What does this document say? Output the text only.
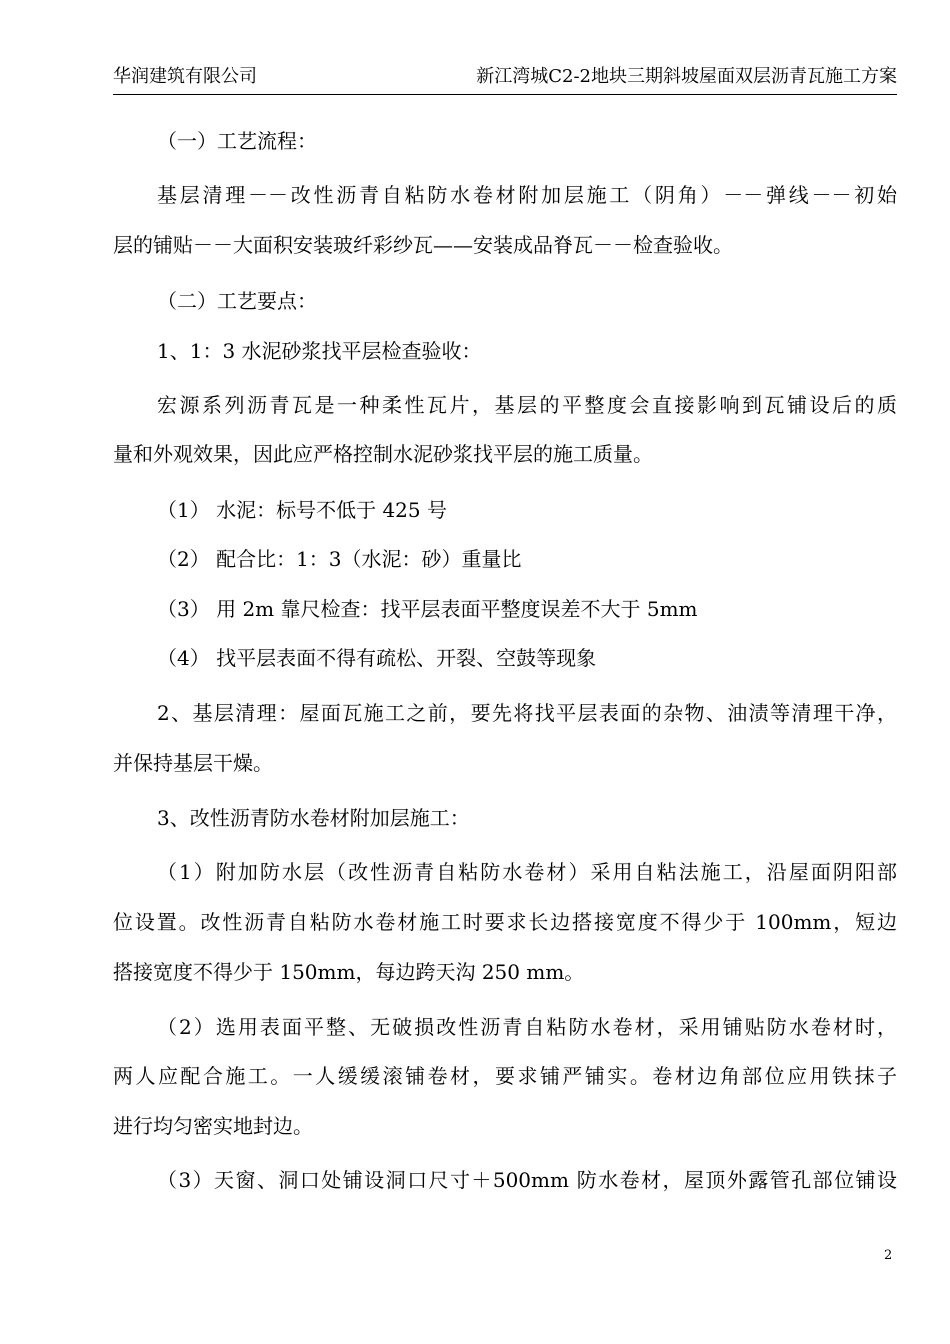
华润建筑有限公司	新江湾城C2-2地块三期斜坡屋面双层沥青瓦施工方案
（一）工艺流程：
基层清理－－改性沥青自粘防水卷材附加层施工（阴角）－－弹线－－初始
层的铺贴－－大面积安装玻纤彩纱瓦——安装成品脊瓦－－检查验收。
（二）工艺要点：
1、1：3 水泥砂浆找平层检查验收：
宏源系列沥青瓦是一种柔性瓦片，基层的平整度会直接影响到瓦铺设后的质
量和外观效果，因此应严格控制水泥砂浆找平层的施工质量。
（1） 水泥：标号不低于 425 号
（2） 配合比：1：3（水泥：砂）重量比
（3） 用 2m 靠尺检查：找平层表面平整度误差不大于 5mm
（4） 找平层表面不得有疏松、开裂、空鼓等现象
2、基层清理：屋面瓦施工之前，要先将找平层表面的杂物、油渍等清理干净，
并保持基层干燥。
3、改性沥青防水卷材附加层施工：
（1）附加防水层（改性沥青自粘防水卷材）采用自粘法施工，沿屋面阴阳部
位设置。改性沥青自粘防水卷材施工时要求长边搭接宽度不得少于 100mm，短边
搭接宽度不得少于 150mm，每边跨天沟 250 mm。
（2）选用表面平整、无破损改性沥青自粘防水卷材，采用铺贴防水卷材时，
两人应配合施工。一人缓缓滚铺卷材，要求铺严铺实。卷材边角部位应用铁抹子
进行均匀密实地封边。
（3）天窗、洞口处铺设洞口尺寸＋500mm 防水卷材，屋顶外露管孔部位铺设
2
